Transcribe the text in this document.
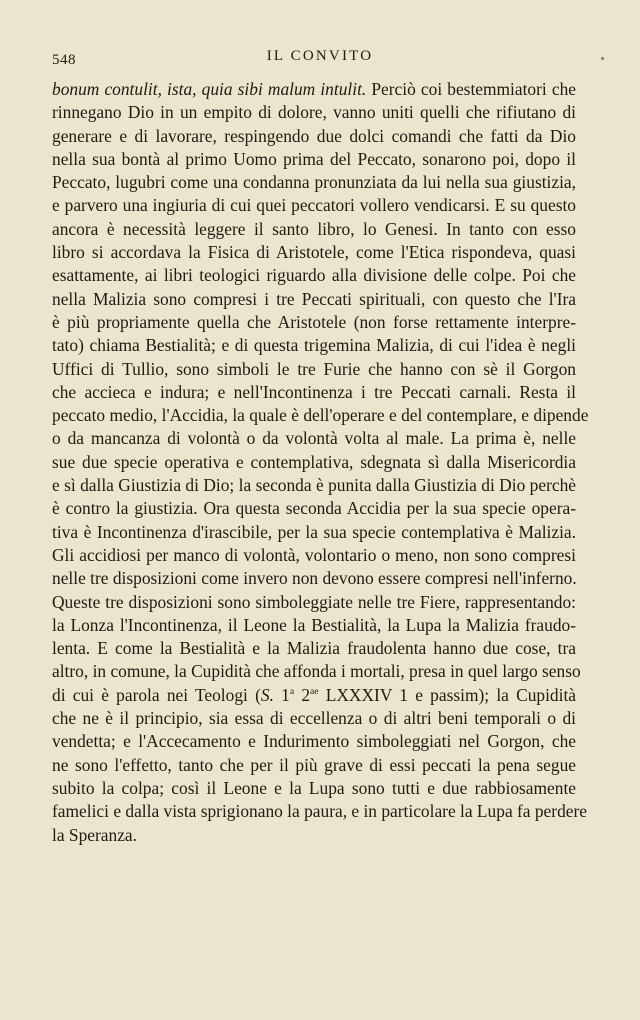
548	IL CONVITO
bonum contulit, ista, quia sibi malum intulit. Perciò coi bestemmiatori che
rinnegano Dio in un empito di dolore, vanno uniti quelli che rifiutano di
generare e di lavorare, respingendo due dolci comandi che fatti da Dio
nella sua bontà al primo Uomo prima del Peccato, sonarono poi, dopo il
Peccato, lugubri come una condanna pronunziata da lui nella sua giustizia,
e parvero una ingiuria di cui quei peccatori vollero vendicarsi. E su questo
ancora è necessità leggere il santo libro, lo Genesi. In tanto con esso
libro si accordava la Fisica di Aristotele, come l'Etica rispondeva, quasi
esattamente, ai libri teologici riguardo alla divisione delle colpe. Poi che
nella Malizia sono compresi i tre Peccati spirituali, con questo che l'Ira
è più propriamente quella che Aristotele (non forse rettamente interpre-
tato) chiama Bestialità; e di questa trigemina Malizia, di cui l'idea è negli
Uffici di Tullio, sono simboli le tre Furie che hanno con sè il Gorgon
che accieca e indura; e nell'Incontinenza i tre Peccati carnali. Resta il
peccato medio, l'Accidia, la quale è dell'operare e del contemplare, e dipende
o da mancanza di volontà o da volontà volta al male. La prima è, nelle
sue due specie operativa e contemplativa, sdegnata sì dalla Misericordia
e sì dalla Giustizia di Dio; la seconda è punita dalla Giustizia di Dio perchè
è contro la giustizia. Ora questa seconda Accidia per la sua specie opera-
tiva è Incontinenza d'irascibile, per la sua specie contemplativa è Malizia.
Gli accidiosi per manco di volontà, volontario o meno, non sono compresi
nelle tre disposizioni come invero non devono essere compresi nell'inferno.
Queste tre disposizioni sono simboleggiate nelle tre Fiere, rappresentando:
la Lonza l'Incontinenza, il Leone la Bestialità, la Lupa la Malizia fraudo-
lenta. E come la Bestialità e la Malizia fraudolenta hanno due cose, tra
altro, in comune, la Cupidità che affonda i mortali, presa in quel largo senso
di cui è parola nei Teologi (S. 1$^a$ $2^{ae}$ LXXXIV 1 e passim); la Cupidità
che ne è il principio, sia essa di eccellenza o di altri beni temporali o di
vendetta; e l'Accecamento e Indurimento simboleggiati nel Gorgon, che
ne sono l'effetto, tanto che per il più grave di essi peccati la pena segue
subito la colpa; così il Leone e la Lupa sono tutti e due rabbiosamente
famelici e dalla vista sprigionano la paura, e in particolare la Lupa fa perdere
la Speranza.
